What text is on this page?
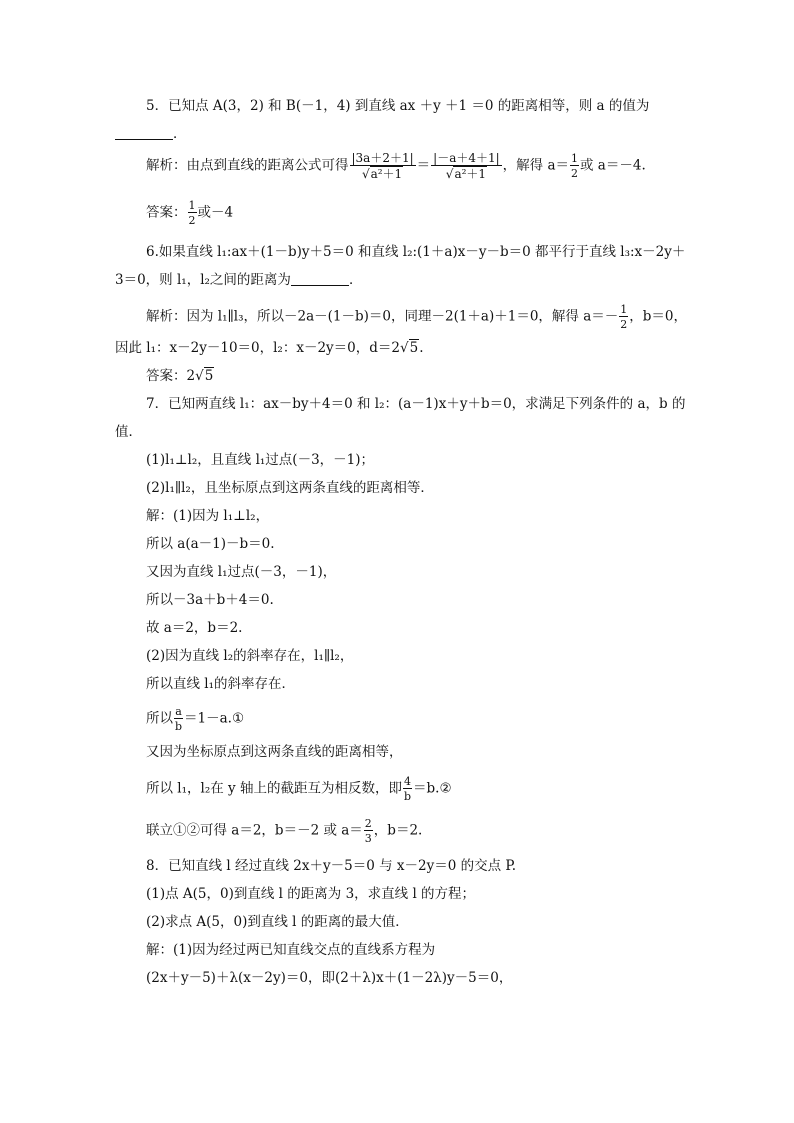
5．已知点 A(3，2) 和 B(－1，4) 到直线 ax ＋y ＋1 ＝0 的距离相等，则 a 的值为
．
解析：由点到直线的距离公式可得 $\frac{|3a+2+1|}{\text{√a²＋1}} = \frac{|-a+4+1|}{\text{√a²＋1}}$ ，解得 $a= \frac{1}{2}$ 或 a＝－4.
答案： $\frac{1}{2}$ 或－4
6.如果直线 l₁:ax＋(1－b)y＋5＝0 和直线 l₂:(1＋a)x－y－b＝0 都平行于直线 l₃:x－2y＋
3＝0，则 l₁，l₂之间的距离为	．
解析：因为 l₁∥l₃，所以－2a－(1－b)＝0，同理－2(1＋a)＋1＝0，解得 $a=- \frac{1}{2}$ ，b＝0，
因此 l₁：x－2y－10＝0，l₂：x－2y＝0，d＝2√5.
答案：2√5
7．已知两直线 l₁：ax－by＋4＝0 和 l₂：(a－1)x＋y＋b＝0，求满足下列条件的 a，b 的
值．
(1)l₁⊥l₂，且直线 l₁过点(－3，－1)；
(2)l₁∥l₂，且坐标原点到这两条直线的距离相等．
解：(1)因为 l₁⊥l₂，
所以 a(a－1)－b＝0.
又因为直线 l₁过点(－3，－1)，
所以－3a＋b＋4＝0.
故 a＝2，b＝2.
(2)因为直线 l₂的斜率存在，l₁∥l₂，
所以直线 l₁的斜率存在．
所以 $\frac{a}{b}$ ＝1－a.①
又因为坐标原点到这两条直线的距离相等，
所以 l₁，l₂在 y 轴上的截距互为相反数，即 $\frac{4}{b}$ ＝b.②
联立①②可得 a＝2，b＝－2 或 $a= \frac{2}{3}$ ，b＝2.
8．已知直线 l 经过直线 2x＋y－5＝0 与 x－2y＝0 的交点 P.
(1)点 A(5，0)到直线 l 的距离为 3，求直线 l 的方程；
(2)求点 A(5，0)到直线 l 的距离的最大值．
解：(1)因为经过两已知直线交点的直线系方程为
(2x＋y－5)＋λ(x－2y)＝0，即(2＋λ)x＋(1－2λ)y－5＝0，
